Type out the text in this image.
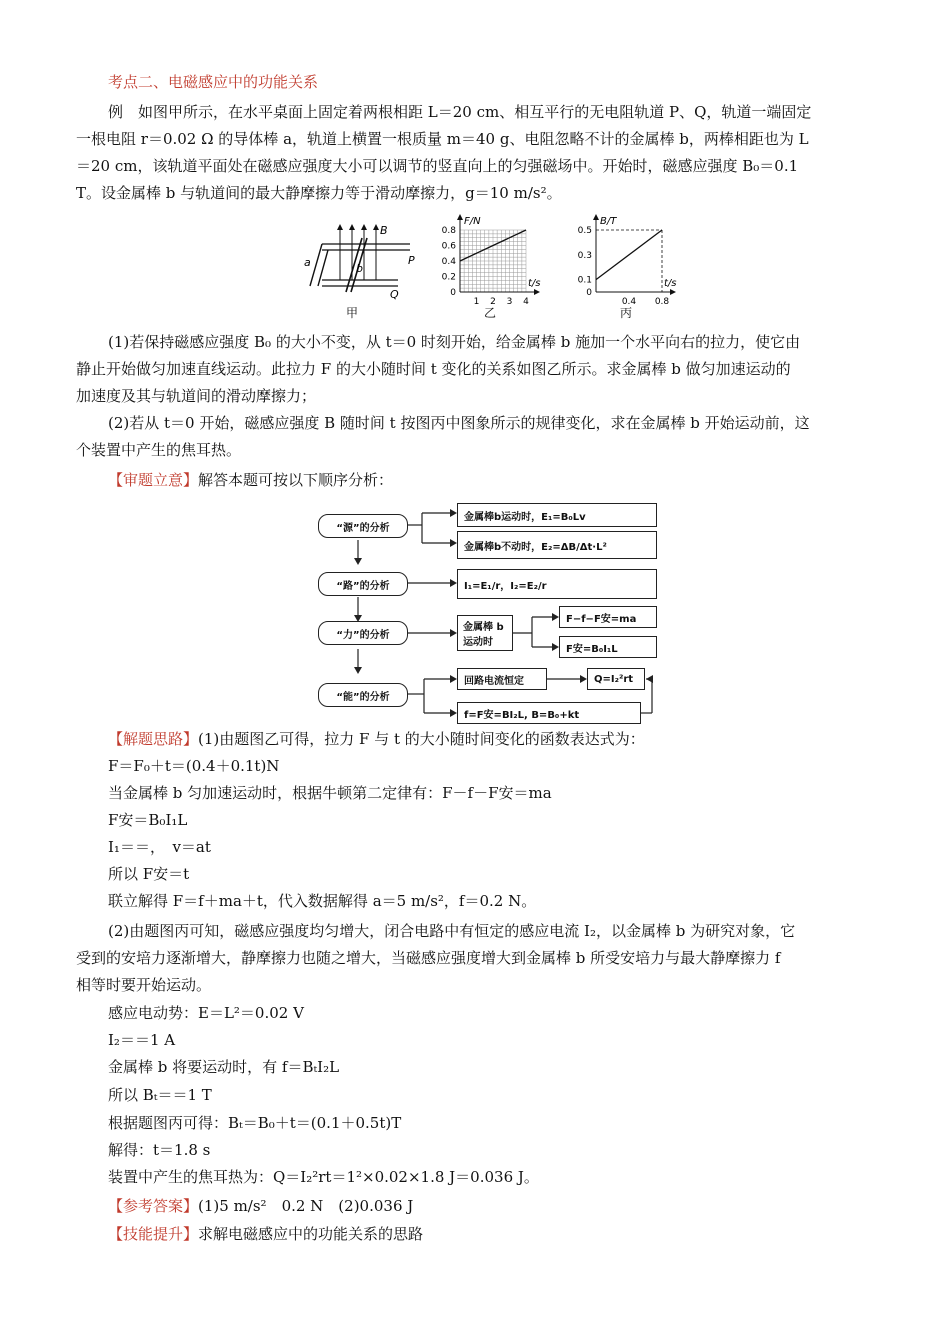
考点二、电磁感应中的功能关系
例　如图甲所示，在水平桌面上固定着两根相距 L＝20 cm、相互平行的无电阻轨道 P、Q，轨道一端固定
一根电阻 r＝0.02 Ω 的导体棒 a，轨道上横置一根质量 m＝40 g、电阻忽略不计的金属棒 b，两棒相距也为 L
＝20 cm，该轨道平面处在磁感应强度大小可以调节的竖直向上的匀强磁场中。开始时，磁感应强度 B₀＝0.1
T。设金属棒 b 与轨道间的最大静摩擦力等于滑动摩擦力，g＝10 m/s²。
B
a	b
P
Q
甲
F/N
t/s
0.8
0.6
0.4
0.2
0
1 2 3 4
乙
B/T
t/s
0.5
0.3
0.1
0
0.4 0.8
丙
(1)若保持磁感应强度 B₀ 的大小不变，从 t＝0 时刻开始，给金属棒 b 施加一个水平向右的拉力，使它由
静止开始做匀加速直线运动。此拉力 F 的大小随时间 t 变化的关系如图乙所示。求金属棒 b 做匀加速运动的
加速度及其与轨道间的滑动摩擦力；
(2)若从 t＝0 开始，磁感应强度 B 随时间 t 按图丙中图象所示的规律变化，求在金属棒 b 开始运动前，这
个装置中产生的焦耳热。
【审题立意】解答本题可按以下顺序分析：
“源”的分析
金属棒b运动时，E₁=B₀Lv
金属棒b不动时，E₂=ΔB/Δt·L²
“路”的分析	I₁=E₁/r，I₂=E₂/r
“力”的分析
金属棒 b
运动时
F−f−F安=ma
F安=B₀I₁L
“能”的分析
回路电流恒定	Q=I₂²rt
f=F安=BI₂L, B=B₀+kt
【解题思路】(1)由题图乙可得，拉力 F 与 t 的大小随时间变化的函数表达式为：
F＝F₀＋t＝(0.4＋0.1t)N
当金属棒 b 匀加速运动时，根据牛顿第二定律有：F－f－F安＝ma
F安＝B₀I₁L
I₁＝＝，　v＝at
所以 F安＝t
联立解得 F＝f＋ma＋t，代入数据解得 a＝5 m/s²，f＝0.2 N。
(2)由题图丙可知，磁感应强度均匀增大，闭合电路中有恒定的感应电流 I₂，以金属棒 b 为研究对象，它
受到的安培力逐渐增大，静摩擦力也随之增大，当磁感应强度增大到金属棒 b 所受安培力与最大静摩擦力 f
相等时要开始运动。
感应电动势：E＝L²＝0.02 V
I₂＝＝1 A
金属棒 b 将要运动时，有 f＝BₜI₂L
所以 Bₜ＝＝1 T
根据题图丙可得：Bₜ＝B₀＋t＝(0.1＋0.5t)T
解得：t＝1.8 s
装置中产生的焦耳热为：Q＝I₂²rt＝1²×0.02×1.8 J＝0.036 J。
【参考答案】(1)5 m/s²　0.2 N　(2)0.036 J
【技能提升】求解电磁感应中的功能关系的思路
